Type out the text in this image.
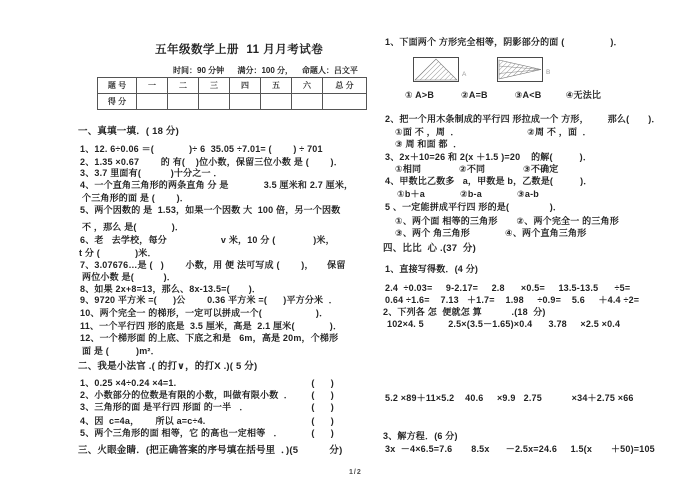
五年级数学上册  11 月月考试卷
时间：90 分钟      满分：100 分，    命题人：吕文平
题 号	一	二	三	四	五	六	总 分
得 分							
一、真填一填．( 18 分)
1、12. 6÷0.06 ＝(             )÷ 6  35.05 ÷7.01= (        ) ÷ 701
2、1.35 ×0.67        的 有(    )位小数，保留三位小数 是 (        )．
3、3.7 里面有(           )十分之一 ．
4、一个直角三角形的两条直角 分 是             3.5 厘米和 2.7 厘米，
个三角形的面 是 (        )．
5、两个因数的 是  1.53，如果一个因数 大  100 倍，另一个因数
不 ，那么 是(             )．
6、老   去学校，每分                    v 米，10 分 (              )米，
t 分 (             )米．
7、3.07676…是 (   )        小数，用 便 法可写成 (        )，     保留
两位小数 是(           )．
8、如果 2x+8=13，那么、8x-13.5=(       )．
9、9720 平方米 =(      )公        0.36 平方米 =(      )平方分米  ．
10、两个完全一 的梯形，一定可以拼成一个(                    )．
11、一个平行四 形的底是  3.5 厘米，高是  2.1 厘米(             )．
12、一个梯形面 的上底、下底之和是   6m，高是 20m，个梯形
面 是 (          )m²．
二、我是小法官 .( 的打∨，的打X .)( 5 分)
1、0.25 ×4÷0.24 ×4=1.	(      )
2、小数部分的位数是有限的小数，叫做有限小数  ． (      )
3、三角形的面 是平行四 形面 的一半   ．	(      )
4、因  c=4a，      所以 a=c÷4.	(      )
5、两个三角形的面 相等，它 的高也一定相等   ．	(      )
三、火眼金睛．(把正确答案的序号填在括号里  ．)(5           分)
1、下面两个 方形完全相等，阴影部分的面 (                 )．
A	B
① A>B          ②A=B          ③A<B         ④无法比
2、把一个用木条制成的平行四 形拉成一个 方形，       那么(       )．
①面 不 ，周  ．                         ②周 不 ，面  ．
③ 周 和面 都  ．
3、2x＋10=26 和 2(x ＋1.5 )=20    的解(          )．
①相同              ②不同              ③不确定
4、甲数比乙数多   a，甲数是 b，乙数是(          )．
①b＋a             ②b-a             ③a-b
5 、一定能拼成平行四 形的是(               )．
①、两个面 相等的三角形       ②、两个完全一 的三角形
③、两个 角三角形             ④、两个直角三角形
四、比比  心 .(37  分)
1、直接写得数．(4 分)
2.4  ÷0.03=     9-2.17=     2.8      ×0.5=     13.5-13.5      ÷5=
0.64 ÷1.6=    7.13   ＋1.7=    1.98     ÷0.9=    5.6     ＋4.4 ÷2=
2、下列各 怎  便就怎 算           .(18  分)
102×4. 5         2.5×(3.5－1.65)×0.4      3.78     ×2.5 ×0.4
5.2 ×89＋11×5.2    40.6     ×9.9   2.75           ×34＋2.75 ×66
3、解方程．(6 分)
3x  －4×6.5=7.6       8.5x      －2.5x=24.6     1.5(x       ＋50)=105
1/2
